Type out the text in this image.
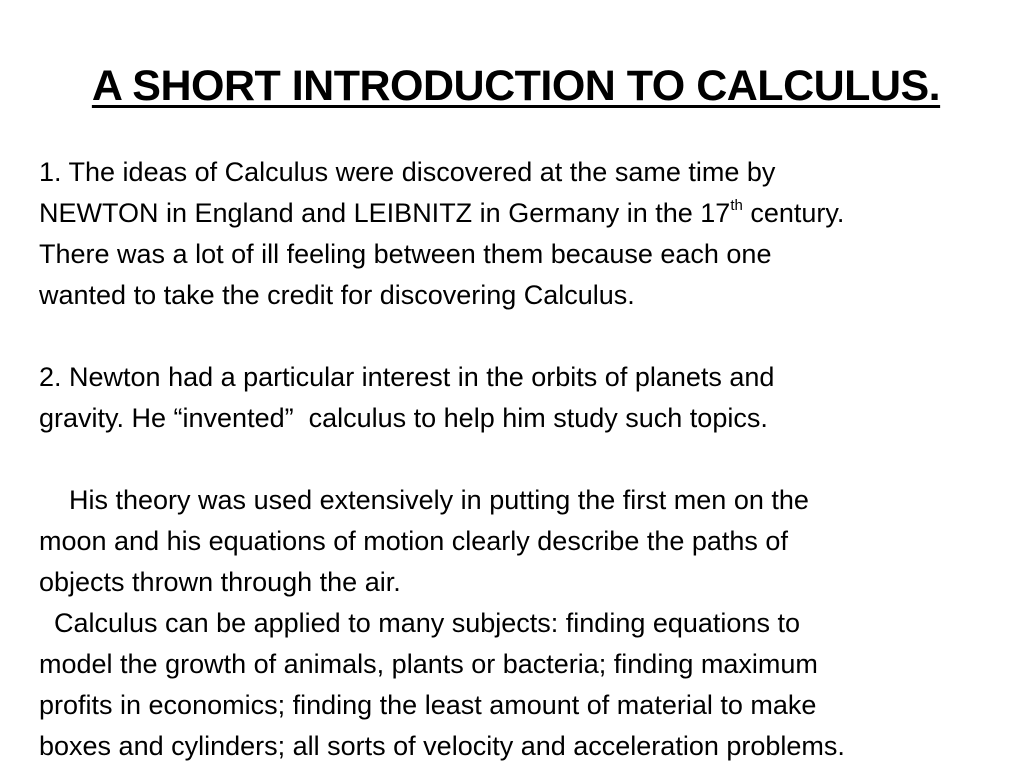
A SHORT INTRODUCTION TO CALCULUS.
1. The ideas of Calculus were discovered at the same time by
NEWTON in England and LEIBNITZ in Germany in the 17th century.
There was a lot of ill feeling between them because each one
wanted to take the credit for discovering Calculus.
2. Newton had a particular interest in the orbits of planets and
gravity. He “invented”  calculus to help him study such topics.
His theory was used extensively in putting the first men on the
moon and his equations of motion clearly describe the paths of
objects thrown through the air.
Calculus can be applied to many subjects: finding equations to
model the growth of animals, plants or bacteria; finding maximum
profits in economics; finding the least amount of material to make
boxes and cylinders; all sorts of velocity and acceleration problems.
